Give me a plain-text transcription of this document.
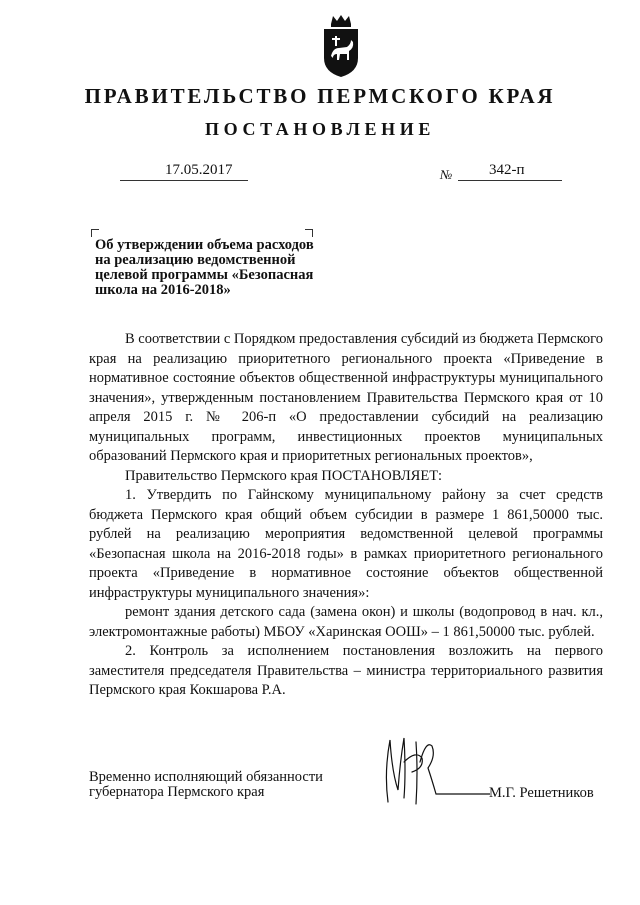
ПРАВИТЕЛЬСТВО ПЕРМСКОГО КРАЯ
ПОСТАНОВЛЕНИЕ
17.05.2017	№ 342-п
Об утверждении объема расходов на реализацию ведомственной целевой программы «Безопасная школа на 2016-2018»

В соответствии с Порядком предоставления субсидий из бюджета Пермского края на реализацию приоритетного регионального проекта «Приведение в нормативное состояние объектов общественной инфраструктуры муниципального значения», утвержденным постановлением Правительства Пермского края от 10 апреля 2015 г. № 206-п «О предоставлении субсидий на реализацию муниципальных программ, инвестиционных проектов муниципальных образований Пермского края и приоритетных региональных проектов»,

Правительство Пермского края ПОСТАНОВЛЯЕТ:

1. Утвердить по Гайнскому муниципальному району за счет средств бюджета Пермского края общий объем субсидии в размере 1 861,50000 тыс. рублей на реализацию мероприятия ведомственной целевой программы «Безопасная школа на 2016-2018 годы» в рамках приоритетного регионального проекта «Приведение в нормативное состояние объектов общественной инфраструктуры муниципального значения»:

ремонт здания детского сада (замена окон) и школы (водопровод в нач. кл., электромонтажные работы) МБОУ «Харинская ООШ» – 1 861,50000 тыс. рублей.

2. Контроль за исполнением постановления возложить на первого заместителя председателя Правительства – министра территориального развития Пермского края Кокшарова Р.А.

Временно исполняющий обязанности губернатора Пермского края	М.Г. Решетников
